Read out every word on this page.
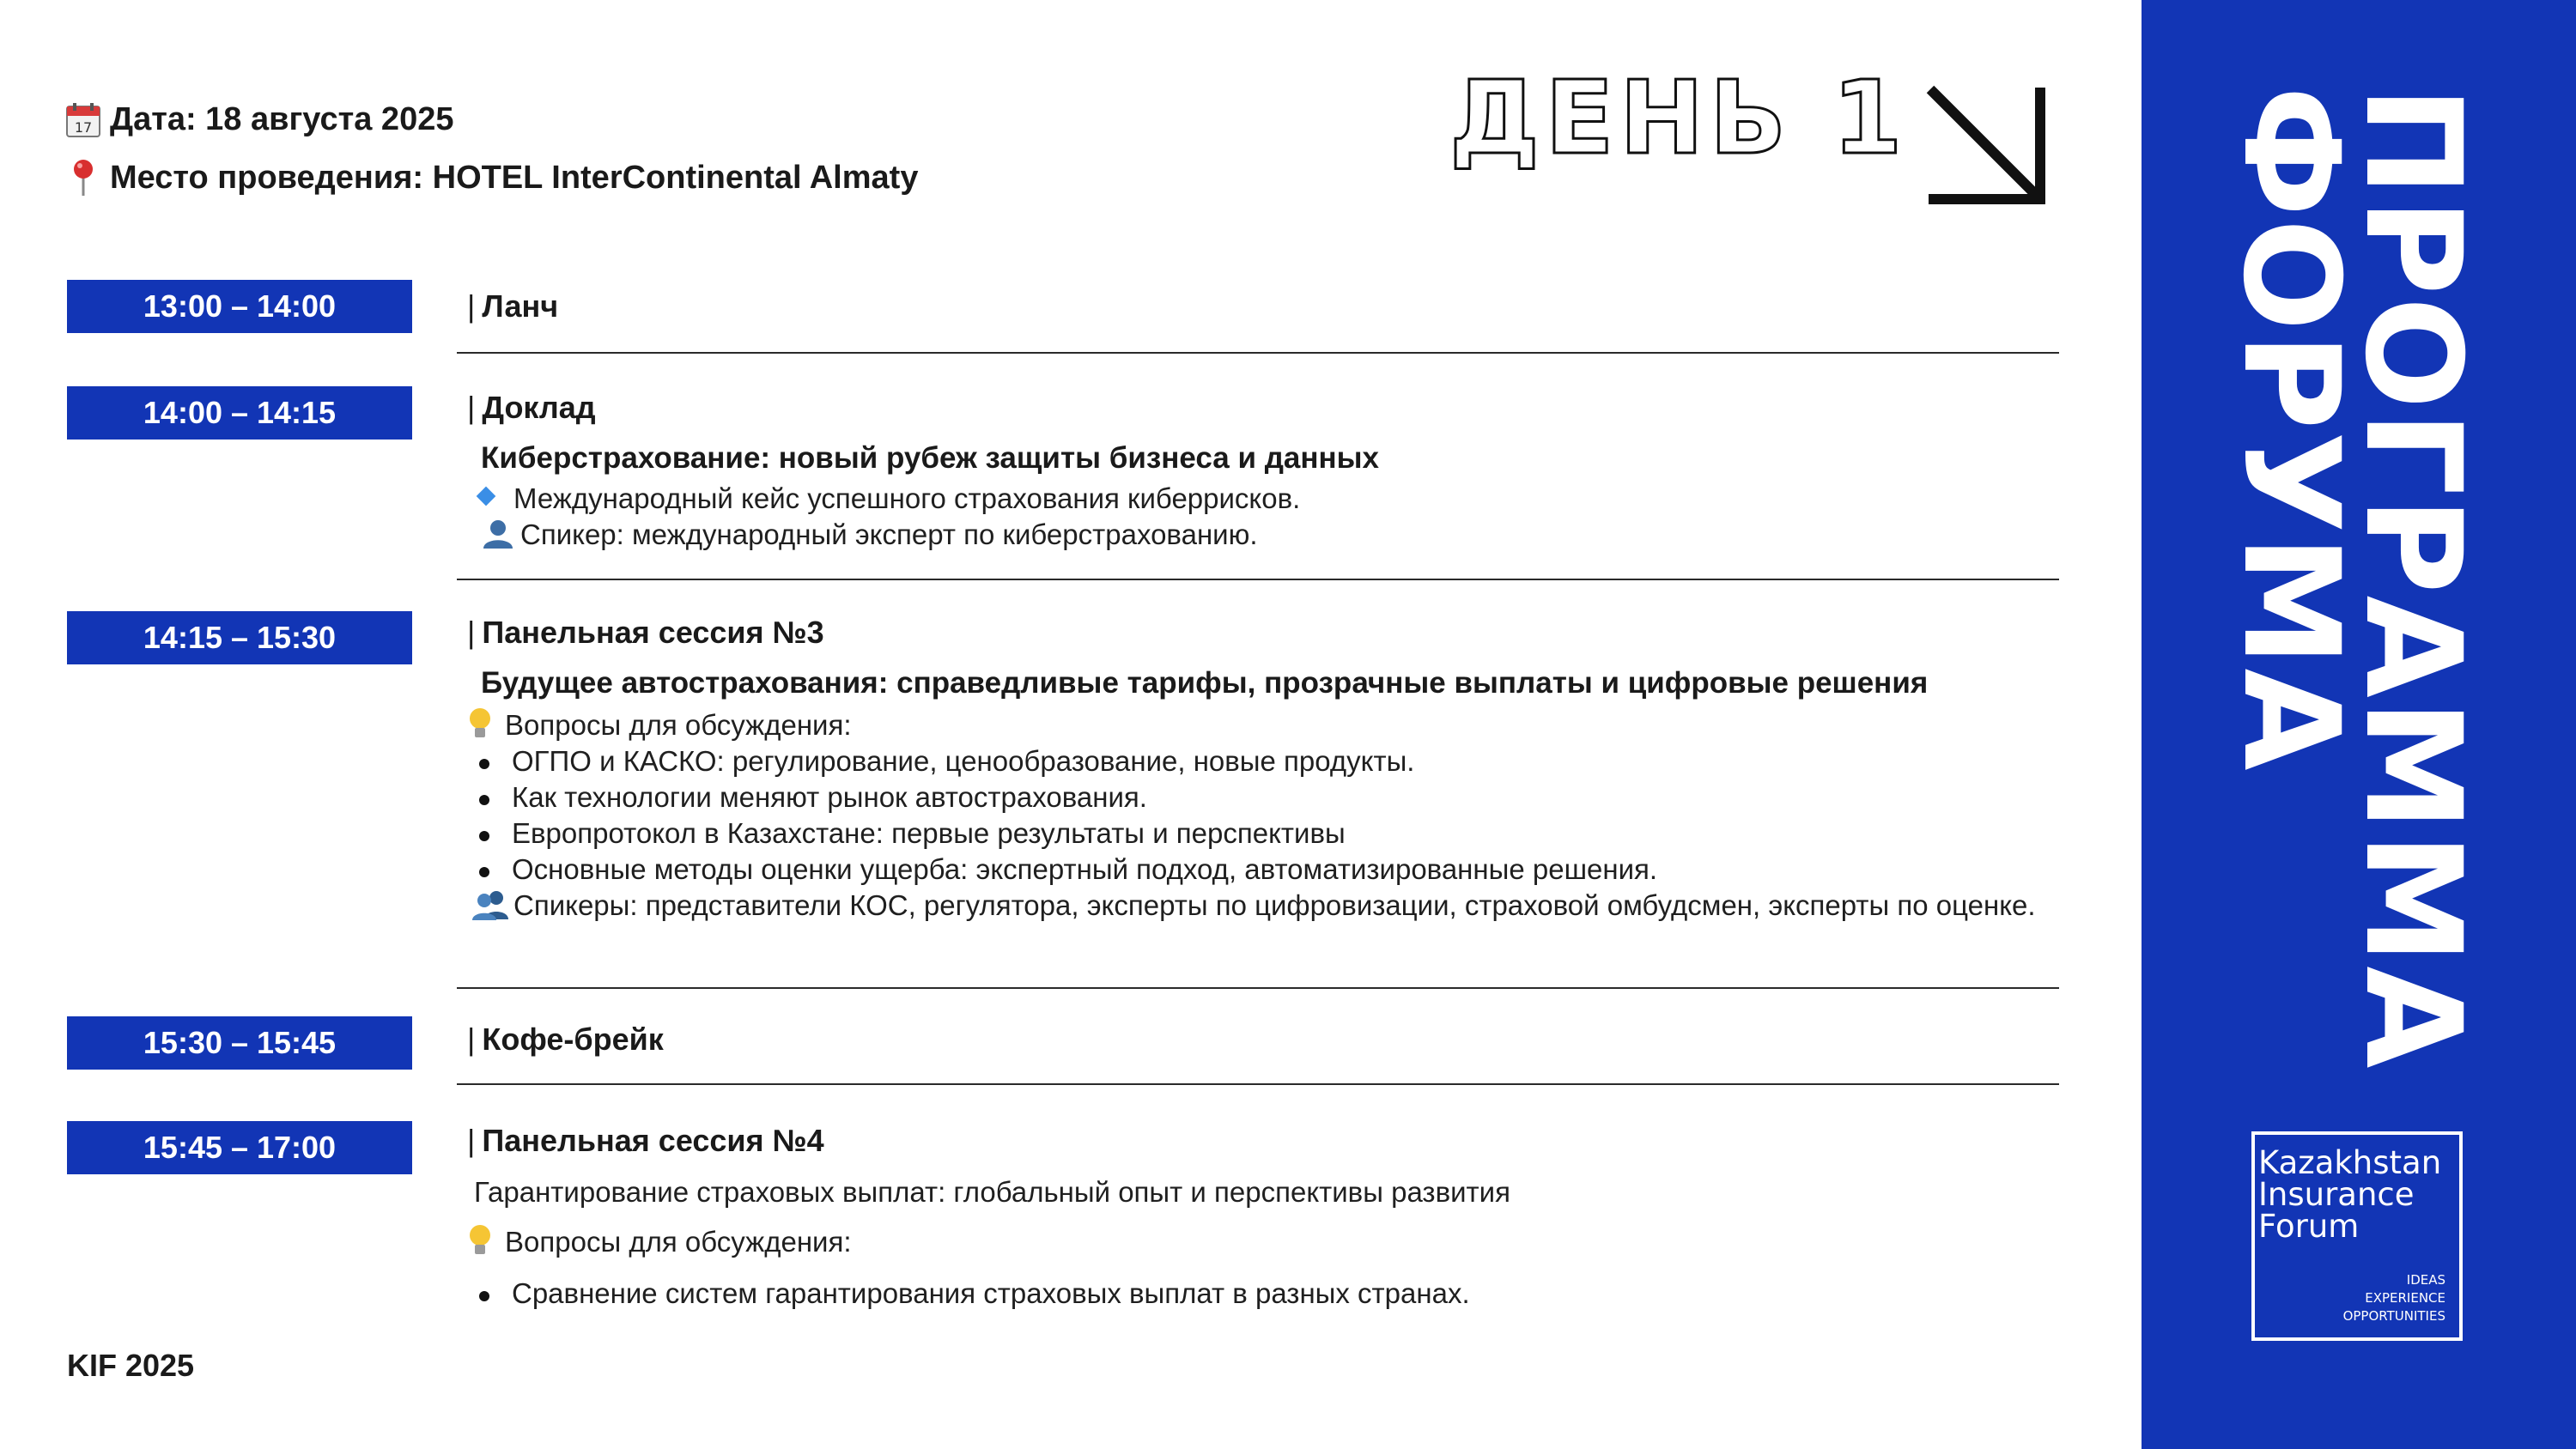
17 Дата: 18 августа 2025
Место проведения: HOTEL InterContinental Almaty
ДЕНЬ 1	ПРОГРАММА
ФОРУМА
Kazakhstan
Insurance
Forum
IDEAS
EXPERIENCE
OPPORTUNITIES
13:00 – 14:00	| Ланч
14:00 – 14:15	| Доклад
Киберстрахование: новый рубеж защиты бизнеса и данных
Международный кейс успешного страхования киберрисков.
Спикер: международный эксперт по киберстрахованию.
14:15 – 15:30	| Панельная сессия №3
Будущее автострахования: справедливые тарифы, прозрачные выплаты и цифровые решения
Вопросы для обсуждения:
ОГПО и КАСКО: регулирование, ценообразование, новые продукты.
Как технологии меняют рынок автострахования.
Европротокол в Казахстане: первые результаты и перспективы
Основные методы оценки ущерба: экспертный подход, автоматизированные решения.
Спикеры: представители КОС, регулятора, эксперты по цифровизации, страховой омбудсмен, эксперты по оценке.
15:30 – 15:45	| Кофе-брейк
15:45 – 17:00	| Панельная сессия №4
Гарантирование страховых выплат: глобальный опыт и перспективы развития
Вопросы для обсуждения:
Сравнение систем гарантирования страховых выплат в разных странах.
KIF 2025
